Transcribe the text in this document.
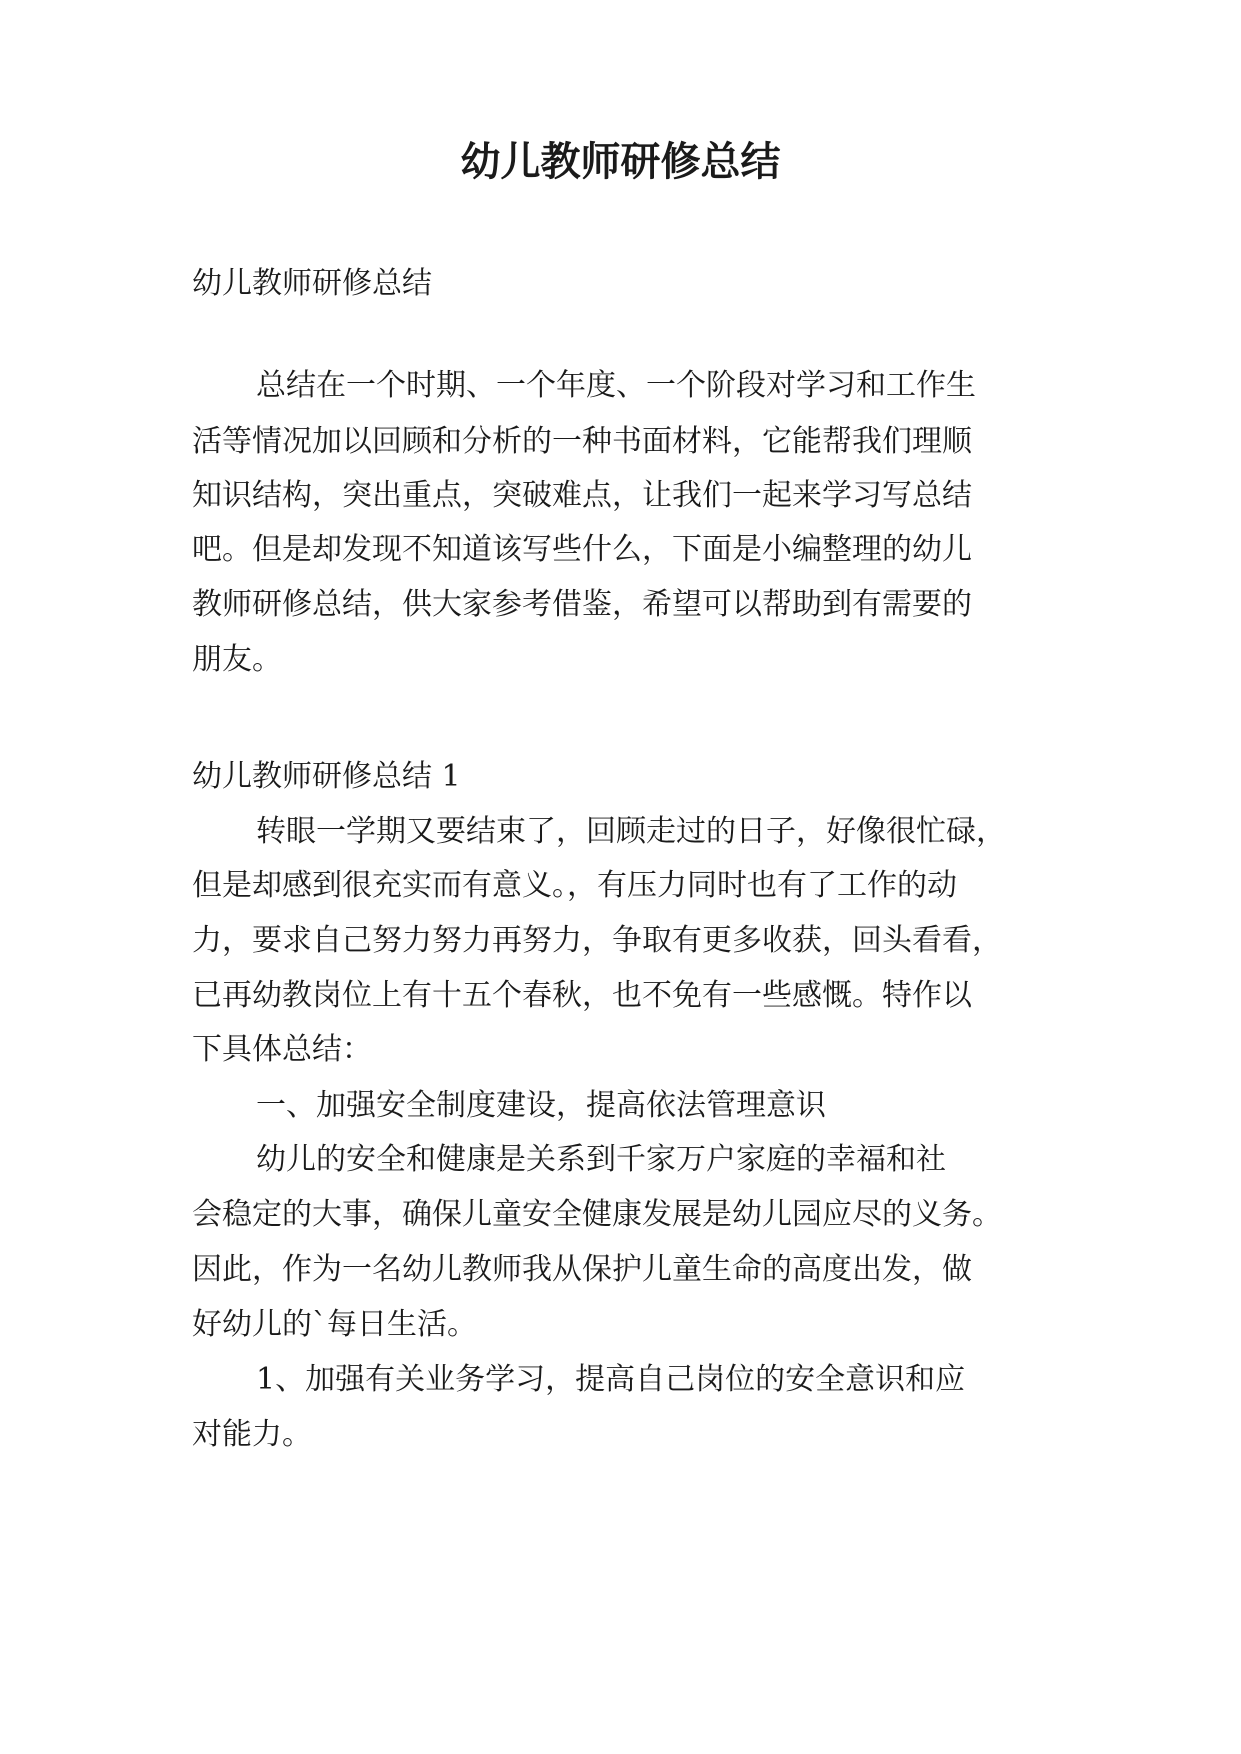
幼儿教师研修总结
幼儿教师研修总结
总结在一个时期、一个年度、一个阶段对学习和工作生
活等情况加以回顾和分析的一种书面材料，它能帮我们理顺
知识结构，突出重点，突破难点，让我们一起来学习写总结
吧。但是却发现不知道该写些什么，下面是小编整理的幼儿
教师研修总结，供大家参考借鉴，希望可以帮助到有需要的
朋友。
幼儿教师研修总结 1
转眼一学期又要结束了，回顾走过的日子，好像很忙碌，
但是却感到很充实而有意义。，有压力同时也有了工作的动
力，要求自己努力努力再努力，争取有更多收获，回头看看，
已再幼教岗位上有十五个春秋，也不免有一些感慨。特作以
下具体总结：
一、加强安全制度建设，提高依法管理意识
幼儿的安全和健康是关系到千家万户家庭的幸福和社
会稳定的大事，确保儿童安全健康发展是幼儿园应尽的义务。
因此，作为一名幼儿教师我从保护儿童生命的高度出发，做
好幼儿的`每日生活。
1、加强有关业务学习，提高自己岗位的安全意识和应
对能力。
